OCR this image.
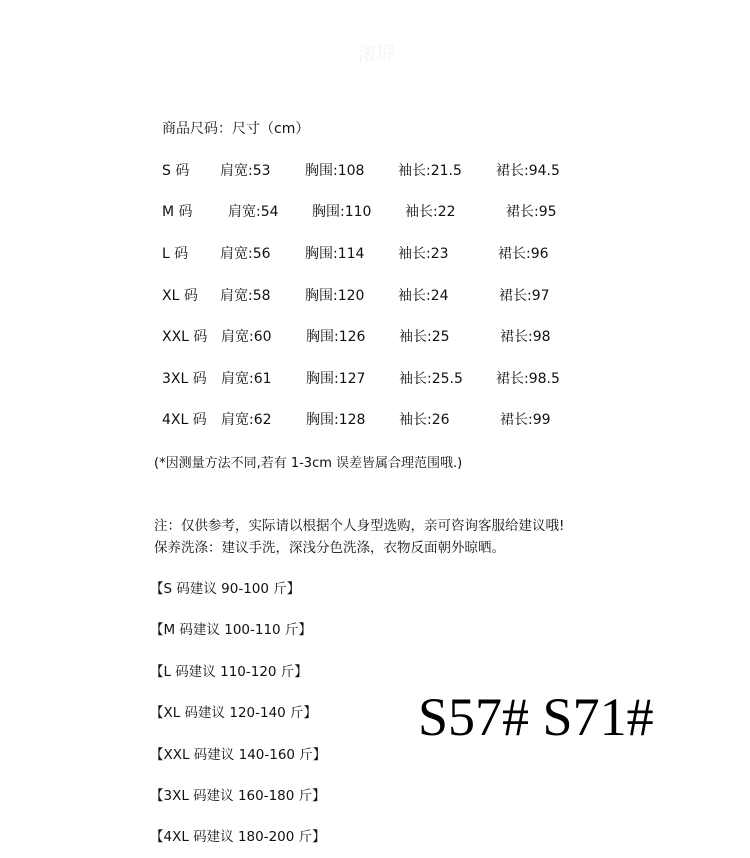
滚屏
商品尺码：尺寸（cm）
S 码 肩宽:53 胸围:108 袖长:21.5 裙长:94.5
M 码	肩宽:54 胸围:110 袖长:22	裙长:95
L 码 肩宽:56 胸围:114 袖长:23	裙长:96
XL 码 肩宽:58 胸围:120 袖长:24	裙长:97
XXL 码 肩宽:60 胸围:126 袖长:25	裙长:98
3XL 码 肩宽:61 胸围:127 袖长:25.5 裙长:98.5
4XL 码 肩宽:62 胸围:128 袖长:26	裙长:99
(*因测量方法不同,若有 1-3cm 误差皆属合理范围哦.)
注：仅供参考，实际请以根据个人身型选购，亲可咨询客服给建议哦!
保养洗涤：建议手洗，深浅分色洗涤，衣物反面朝外晾晒。
【S 码建议 90-100 斤】
【M 码建议 100-110 斤】
【L 码建议 110-120 斤】
【XL 码建议 120-140 斤】
【XXL 码建议 140-160 斤】
【3XL 码建议 160-180 斤】
【4XL 码建议 180-200 斤】
S57# S71#
